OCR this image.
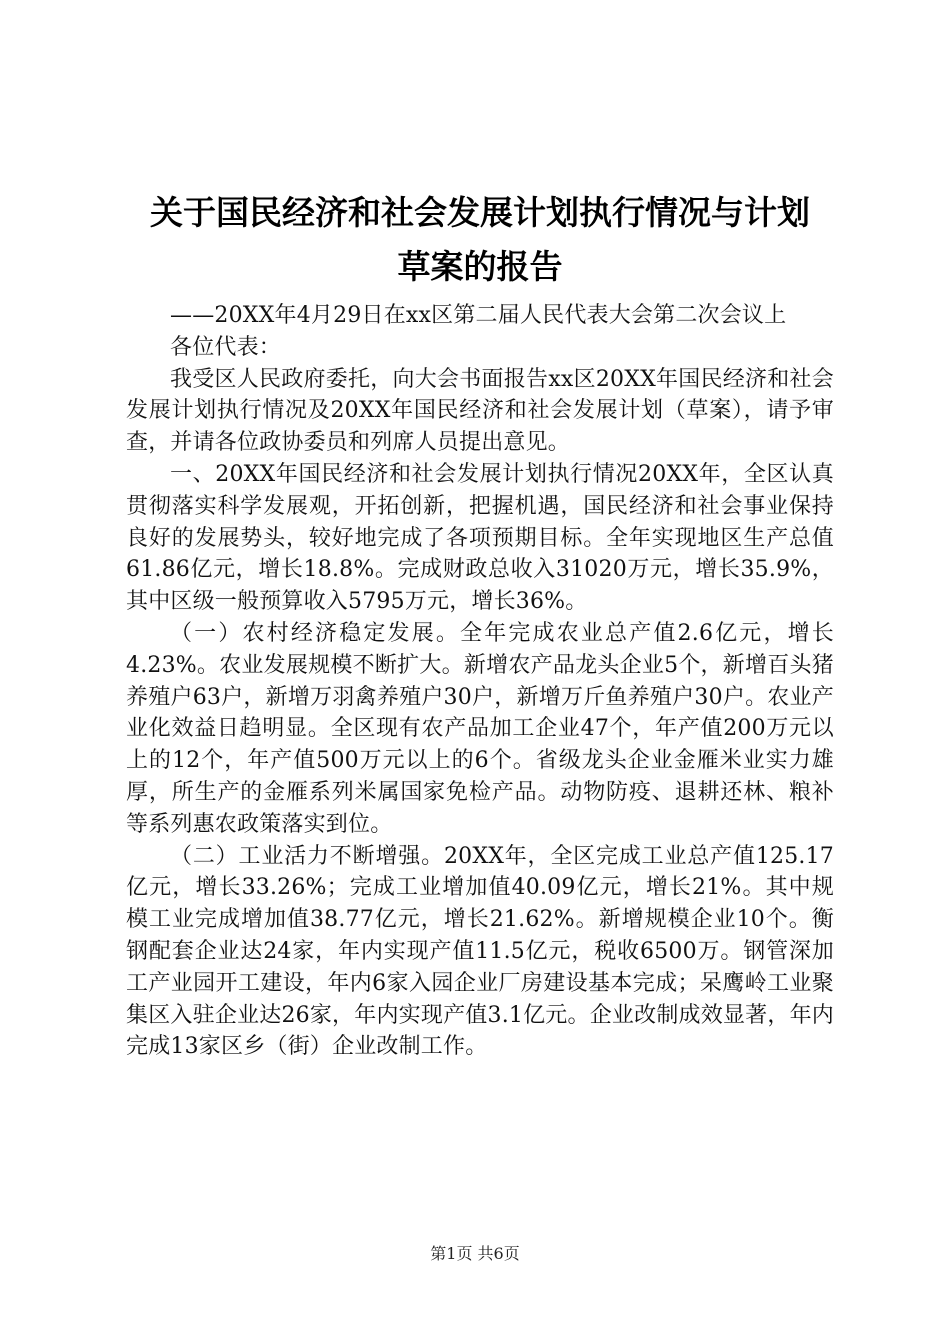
关于国民经济和社会发展计划执行情况与计划
草案的报告

——20XX年4月29日在xx区第二届人民代表大会第二次会议上

各位代表：

我受区人民政府委托，向大会书面报告xx区20XX年国民经济和社会发展计划执行情况及20XX年国民经济和社会发展计划（草案），请予审查，并请各位政协委员和列席人员提出意见。

一、20XX年国民经济和社会发展计划执行情况20XX年，全区认真贯彻落实科学发展观，开拓创新，把握机遇，国民经济和社会事业保持良好的发展势头，较好地完成了各项预期目标。全年实现地区生产总值61.86亿元，增长18.8%。完成财政总收入31020万元，增长35.9%，其中区级一般预算收入5795万元，增长36%。

（一）农村经济稳定发展。全年完成农业总产值2.6亿元，增长4.23%。农业发展规模不断扩大。新增农产品龙头企业5个，新增百头猪养殖户63户，新增万羽禽养殖户30户，新增万斤鱼养殖户30户。农业产业化效益日趋明显。全区现有农产品加工企业47个，年产值200万元以上的12个，年产值500万元以上的6个。省级龙头企业金雁米业实力雄厚，所生产的金雁系列米属国家免检产品。动物防疫、退耕还林、粮补等系列惠农政策落实到位。

（二）工业活力不断增强。20XX年，全区完成工业总产值125.17亿元，增长33.26%；完成工业增加值40.09亿元，增长21%。其中规模工业完成增加值38.77亿元，增长21.62%。新增规模企业10个。衡钢配套企业达24家，年内实现产值11.5亿元，税收6500万。钢管深加工产业园开工建设，年内6家入园企业厂房建设基本完成；呆鹰岭工业聚集区入驻企业达26家，年内实现产值3.1亿元。企业改制成效显著，年内完成13家区乡（街）企业改制工作。

第1页 共6页
